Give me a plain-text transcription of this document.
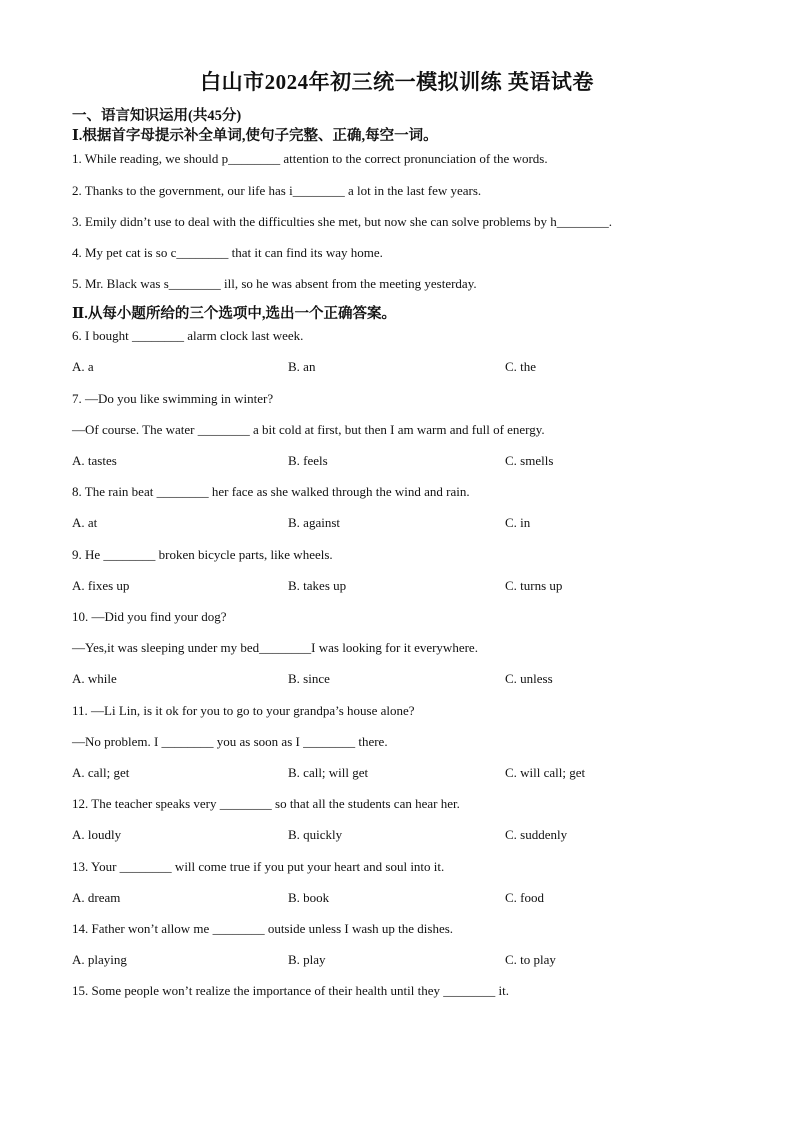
白山市2024年初三统一模拟训练 英语试卷
一、语言知识运用(共45分)
Ⅰ.根据首字母提示补全单词,使句子完整、正确,每空一词。
1. While reading, we should p________ attention to the correct pronunciation of the words.
2. Thanks to the government, our life has i________ a lot in the last few years.
3. Emily didn’t use to deal with the difficulties she met, but now she can solve problems by h________.
4. My pet cat is so c________ that it can find its way home.
5. Mr. Black was s________ ill, so he was absent from the meeting yesterday.
Ⅱ.从每小题所给的三个选项中,选出一个正确答案。
6. I bought ________ alarm clock last week.
A. a	B. an	C. the
7. —Do you like swimming in winter?
—Of course. The water ________ a bit cold at first, but then I am warm and full of energy.
A. tastes	B. feels	C. smells
8. The rain beat ________ her face as she walked through the wind and rain.
A. at	B. against	C. in
9. He ________ broken bicycle parts, like wheels.
A. fixes up	B. takes up	C. turns up
10. —Did you find your dog?
—Yes,it was sleeping under my bed________I was looking for it everywhere.
A. while	B. since	C. unless
11. —Li Lin, is it ok for you to go to your grandpa’s house alone?
—No problem. I ________ you as soon as I ________ there.
A. call; get	B. call; will get	C. will call; get
12. The teacher speaks very ________ so that all the students can hear her.
A. loudly	B. quickly	C. suddenly
13. Your ________ will come true if you put your heart and soul into it.
A. dream	B. book	C. food
14. Father won’t allow me ________ outside unless I wash up the dishes.
A. playing	B. play	C. to play
15. Some people won’t realize the importance of their health until they ________ it.
